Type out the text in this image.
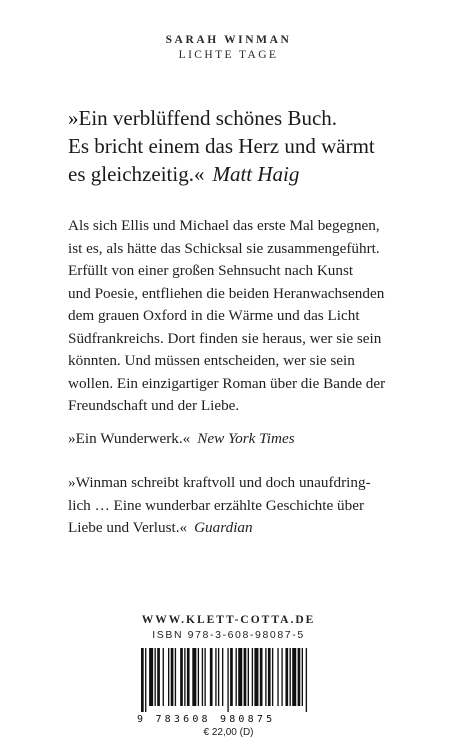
SARAH WINMAN
LICHTE TAGE
»Ein verblüffend schönes Buch.
Es bricht einem das Herz und wärmt
es gleichzeitig.« Matt Haig

Als sich Ellis und Michael das erste Mal begegnen,

ist es, als hätte das Schicksal sie zusammengeführt.

Erfüllt von einer großen Sehnsucht nach Kunst

und Poesie, entfliehen die beiden Heranwachsenden

dem grauen Oxford in die Wärme und das Licht

Südfrankreichs. Dort finden sie heraus, wer sie sein

könnten. Und müssen entscheiden, wer sie sein

wollen. Ein einzigartiger Roman über die Bande der

Freundschaft und der Liebe.

»Ein Wunderwerk.« New York Times
»Winman schreibt kraftvoll und doch unaufdring-
lich … Eine wunderbar erzählte Geschichte über
Liebe und Verlust.« Guardian
WWW.KLETT-COTTA.DE
ISBN 978-3-608-98087-5
9 783608 980875
€ 22,00 (D)
